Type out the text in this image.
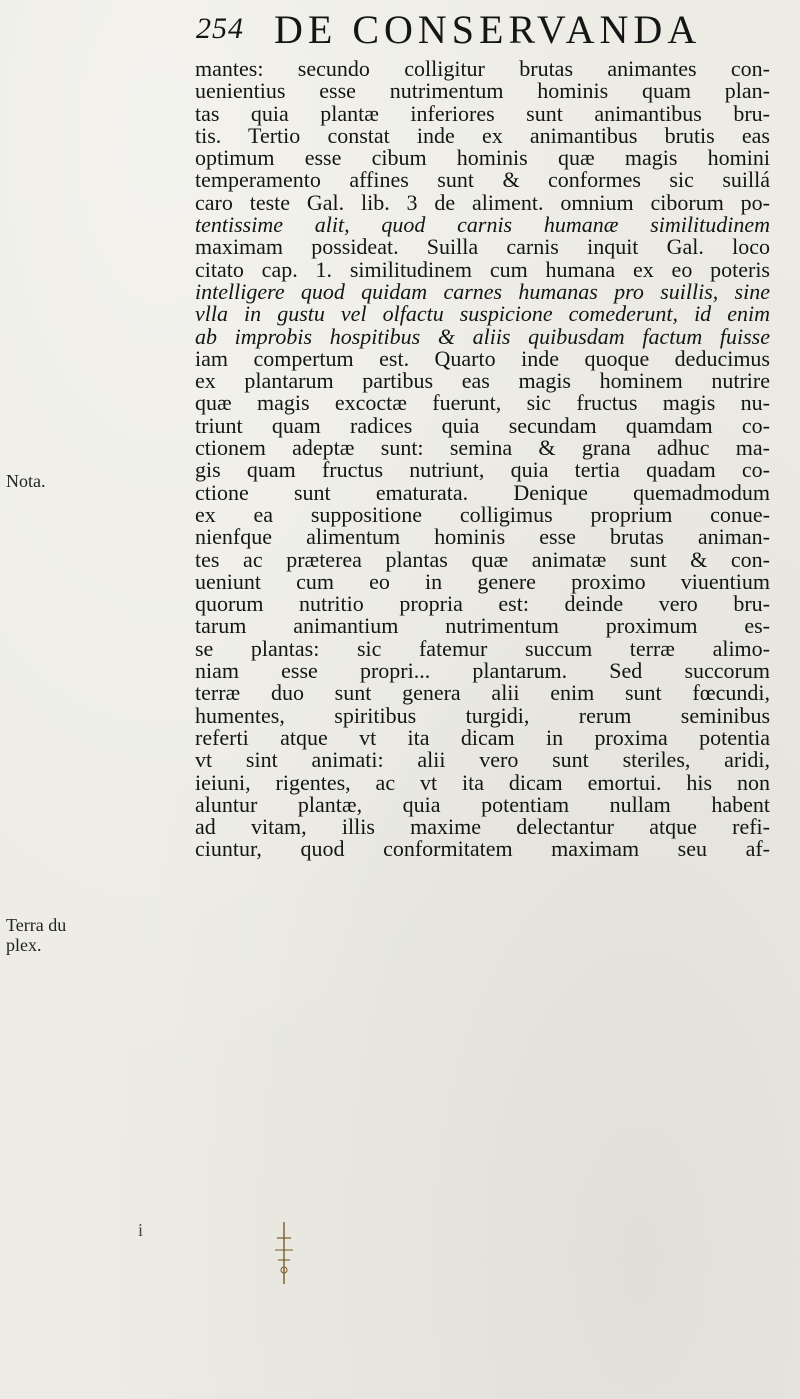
254 DE CONSERVANDA
Nota.
Terra du
plex.
mantes: secundo colligitur brutas animantes con-
uenientius esse nutrimentum hominis quam plan-
tas quia plantæ inferiores sunt animantibus bru-
tis. Tertio constat inde ex animantibus brutis eas
optimum esse cibum hominis quæ magis homini
temperamento affines sunt & conformes sic suillá
caro teste Gal. lib. 3 de aliment. omnium ciborum po-
tentissime alit, quod carnis humanæ similitudinem
maximam possideat. Suilla carnis inquit Gal. loco
citato cap. 1. similitudinem cum humana ex eo poteris
intelligere quod quidam carnes humanas pro suillis, sine
vlla in gustu vel olfactu suspicione comederunt, id enim
ab improbis hospitibus & aliis quibusdam factum fuisse
iam compertum est. Quarto inde quoque deducimus
ex plantarum partibus eas magis hominem nutrire
quæ magis excoctæ fuerunt, sic fructus magis nu-
triunt quam radices quia secundam quamdam co-
ctionem adeptæ sunt: semina & grana adhuc ma-
gis quam fructus nutriunt, quia tertia quadam co-
ctione sunt ematurata. Denique quemadmodum
ex ea suppositione colligimus proprium conue-
nienfque alimentum hominis esse brutas animan-
tes ac præterea plantas quæ animatæ sunt & con-
ueniunt cum eo in genere proximo viuentium
quorum nutritio propria est: deinde vero bru-
tarum animantium nutrimentum proximum es-
se plantas: sic fatemur succum terræ alimo-
niam esse propri... plantarum. Sed succorum
terræ duo sunt genera alii enim sunt fœcundi,
humentes, spiritibus turgidi, rerum seminibus
referti atque vt ita dicam in proxima potentia
vt sint animati: alii vero sunt steriles, aridi,
ieiuni, rigentes, ac vt ita dicam emortui. his non
aluntur plantæ, quia potentiam nullam habent
ad vitam, illis maxime delectantur atque refi-
ciuntur, quod conformitatem maximam seu af-
i
